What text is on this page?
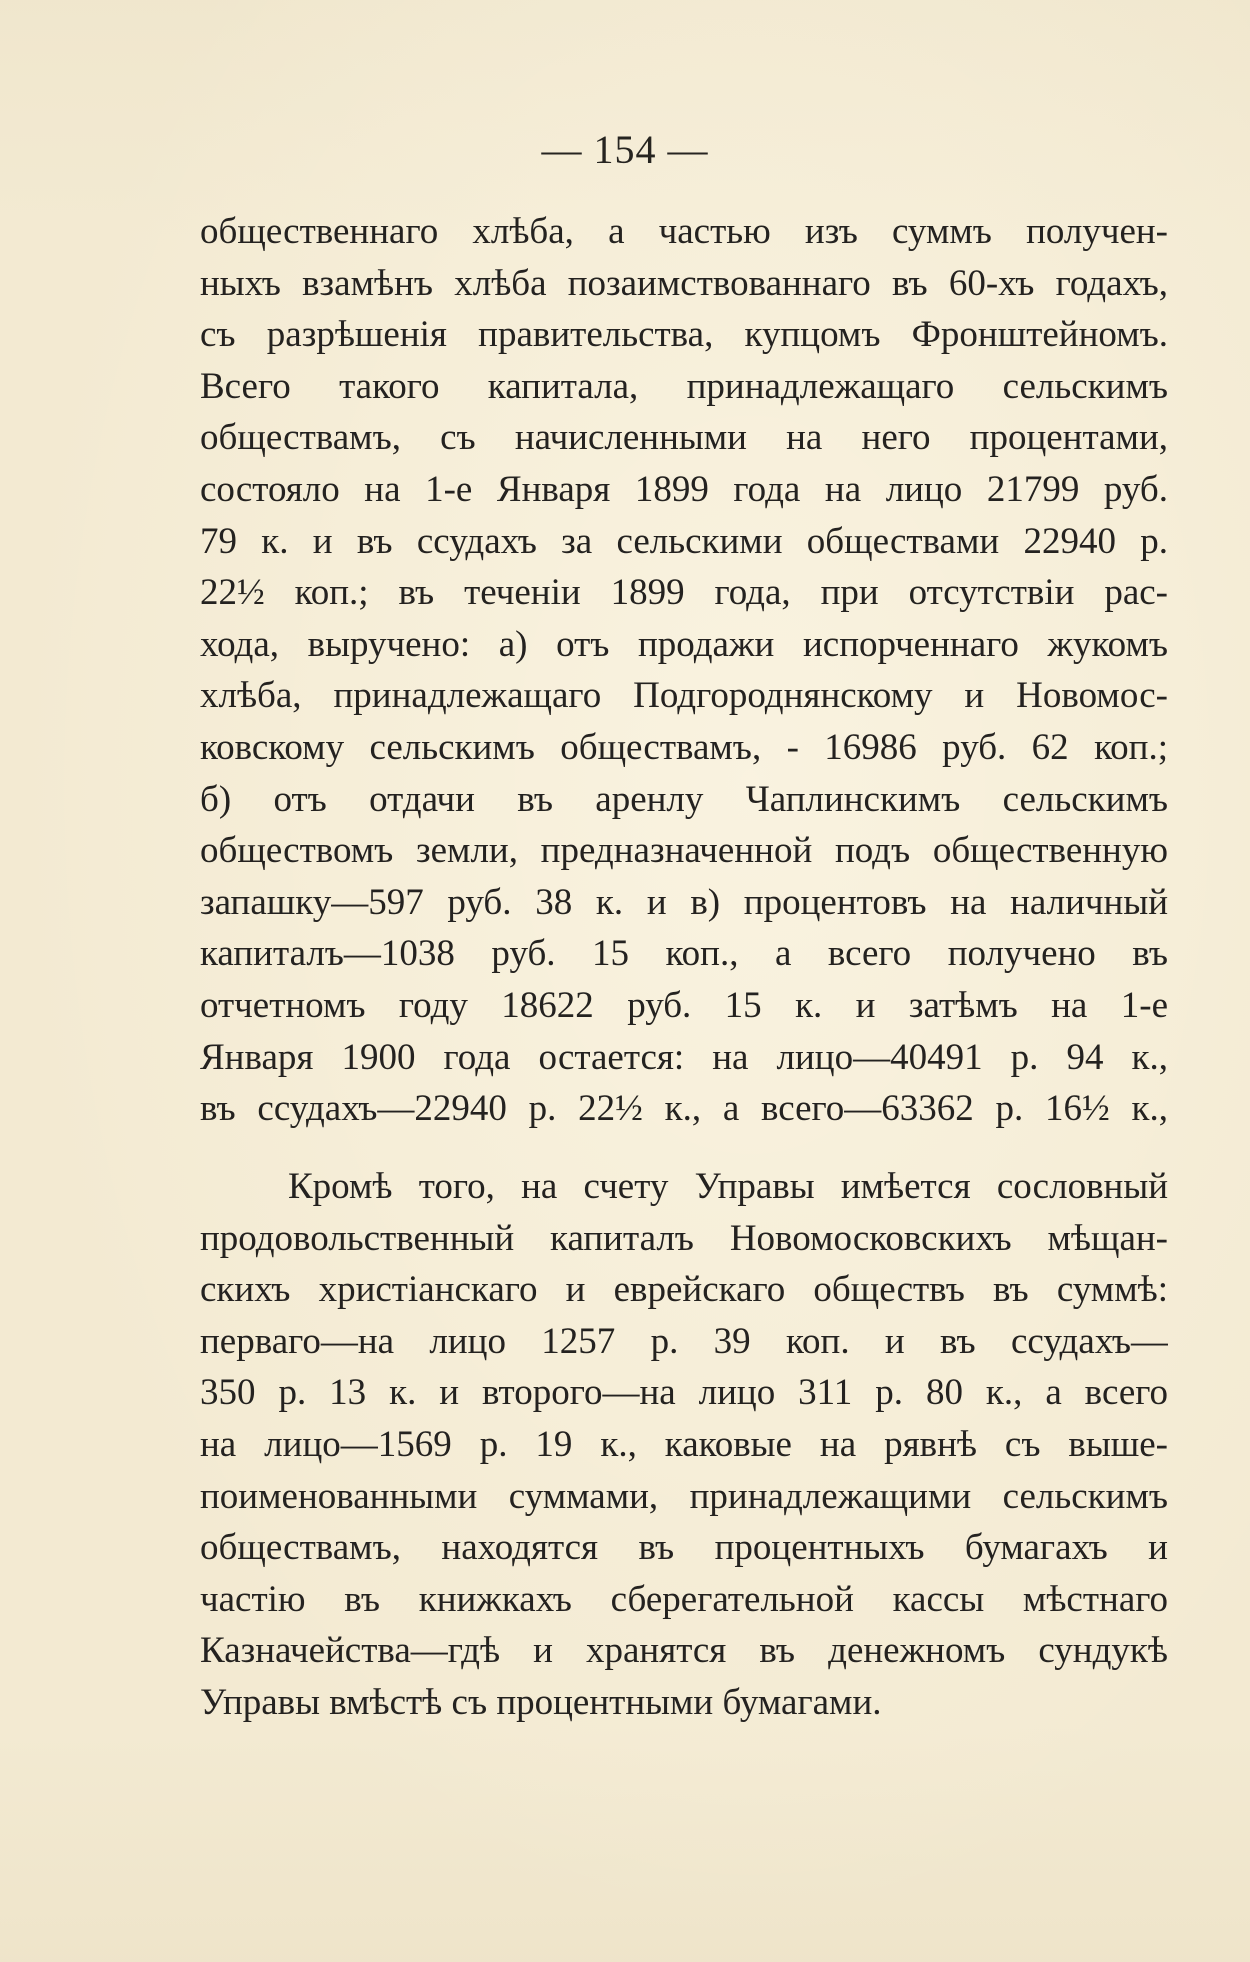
— 154 —
общественнаго хлѣба, а частью изъ суммъ получен-
ныхъ взамѣнъ хлѣба позаимствованнаго въ 60-хъ годахъ,
съ разрѣшенія правительства, купцомъ Фронштейномъ.
Всего такого капитала, принадлежащаго сельскимъ
обществамъ, съ начисленными на него процентами,
состояло на 1-е Января 1899 года на лицо 21799 руб.
79 к. и въ ссудахъ за сельскими обществами 22940 р.
22½ коп.; въ теченіи 1899 года, при отсутствіи рас-
хода, выручено: а) отъ продажи испорченнаго жукомъ
хлѣба, принадлежащаго Подгороднянскому и Новомос-
ковскому сельскимъ обществамъ, - 16986 руб. 62 коп.;
б) отъ отдачи въ аренлу Чаплинскимъ сельскимъ
обществомъ земли, предназначенной подъ общественную
запашку—597 руб. 38 к. и в) процентовъ на наличный
капиталъ—1038 руб. 15 коп., а всего получено въ
отчетномъ году 18622 руб. 15 к. и затѣмъ на 1-е
Января 1900 года остается: на лицо—40491 р. 94 к.,
въ ссудахъ—22940 р. 22½ к., а всего—63362 р. 16½ к.,
Кромѣ того, на счету Управы имѣется сословный
продовольственный капиталъ Новомосковскихъ мѣщан-
скихъ христіанскаго и еврейскаго обществъ въ суммѣ:
перваго—на лицо 1257 р. 39 коп. и въ ссудахъ—
350 р. 13 к. и второго—на лицо 311 р. 80 к., а всего
на лицо—1569 р. 19 к., каковые на рявнѣ съ выше-
поименованными суммами, принадлежащими сельскимъ
обществамъ, находятся въ процентныхъ бумагахъ и
частію въ книжкахъ сберегательной кассы мѣстнаго
Казначейства—гдѣ и хранятся въ денежномъ сундукѣ
Управы вмѣстѣ съ процентными бумагами.
